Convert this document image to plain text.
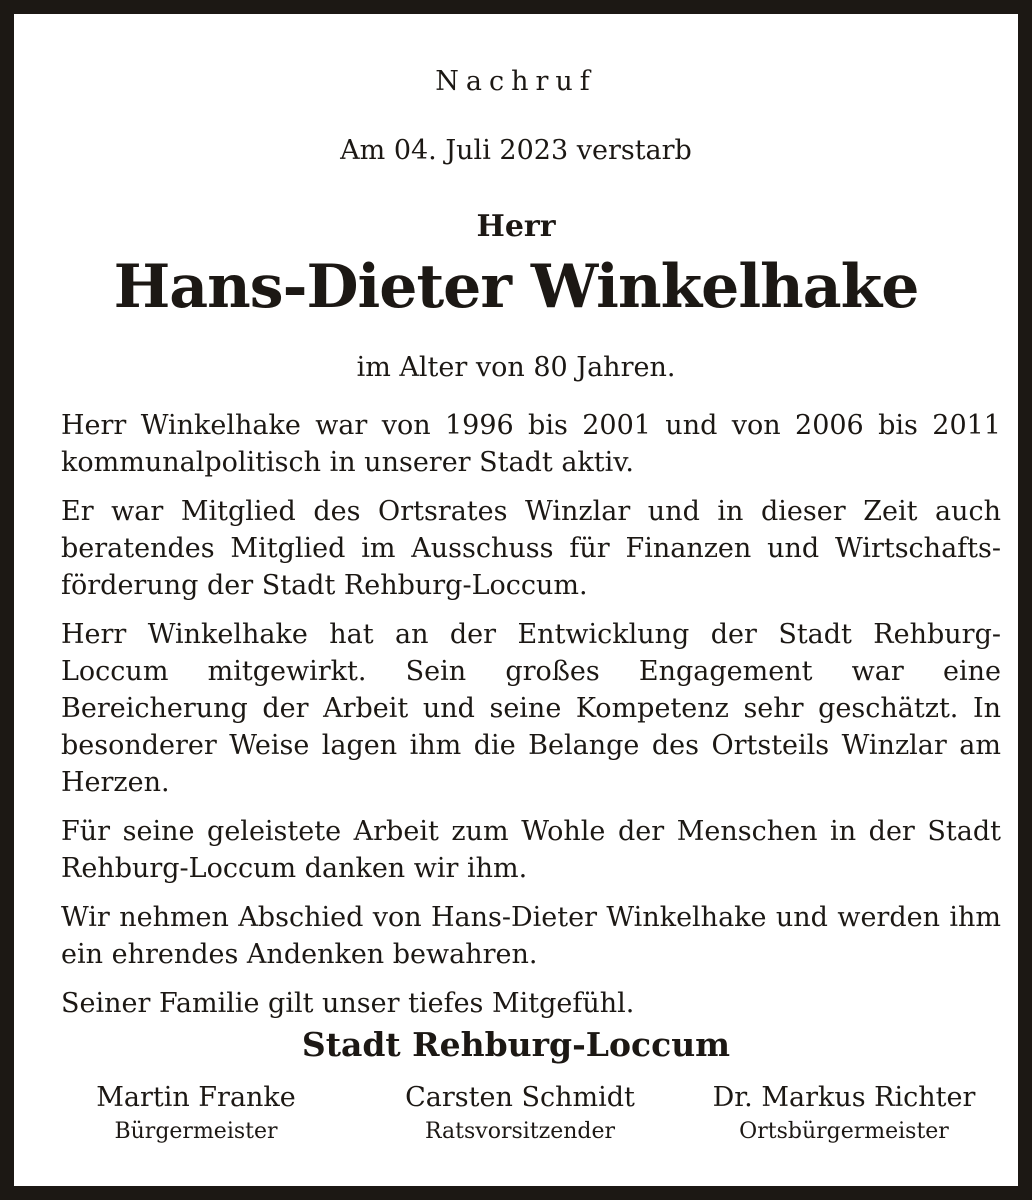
Nachruf
Am 04. Juli 2023 verstarb
Herr
Hans-Dieter Winkelhake
im Alter von 80 Jahren.

Herr Winkelhake war von 1996 bis 2001 und von 2006 bis 2011 kommunalpolitisch in unserer Stadt aktiv.

Er war Mitglied des Ortsrates Winzlar und in dieser Zeit auch beratendes Mitglied im Ausschuss für Finanzen und Wirtschaftsförderung der Stadt Rehburg-Loccum.

Herr Winkelhake hat an der Entwicklung der Stadt Rehburg-Loccum mitgewirkt. Sein großes Engagement war eine Bereicherung der Arbeit und seine Kompetenz sehr geschätzt. In besonderer Weise lagen ihm die Belange des Ortsteils Winzlar am Herzen.

Für seine geleistete Arbeit zum Wohle der Menschen in der Stadt Rehburg-Loccum danken wir ihm.

Wir nehmen Abschied von Hans-Dieter Winkelhake und werden ihm ein ehrendes Andenken bewahren.

Seiner Familie gilt unser tiefes Mitgefühl.

Stadt Rehburg-Loccum
Martin Franke
Bürgermeister
Carsten Schmidt
Ratsvorsitzender
Dr. Markus Richter
Ortsbürgermeister
